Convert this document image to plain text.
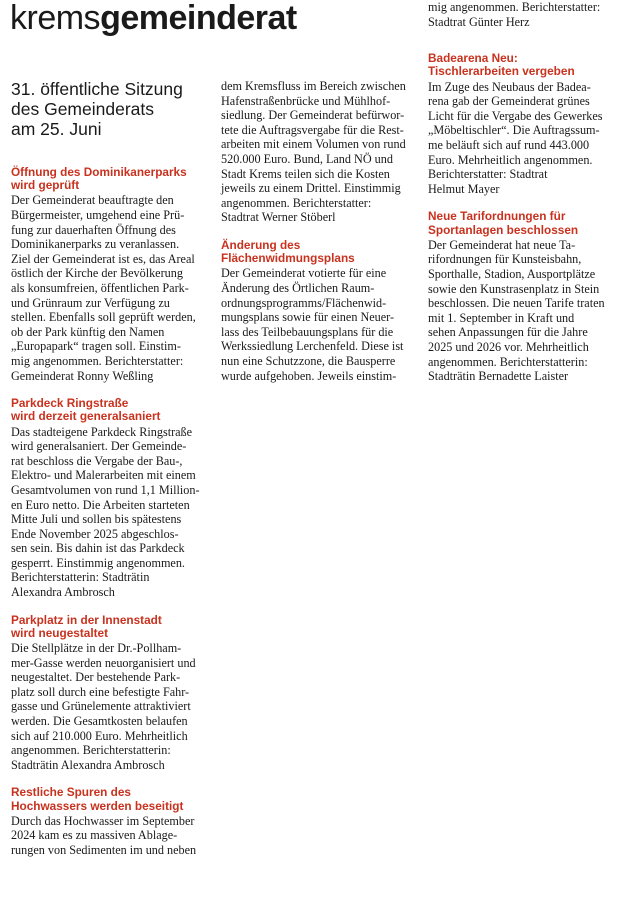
kremsgemeinderat
31. öffentliche Sitzung
des Gemeinderats
am 25. Juni
Öffnung des Dominikanerparks
wird geprüft

Der Gemeinderat beauftragte den
Bürgermeister, umgehend eine Prü-
fung zur dauerhaften Öffnung des
Dominikanerparks zu veranlassen.
Ziel der Gemeinderat ist es, das Areal
östlich der Kirche der Bevölkerung
als konsumfreien, öffentlichen Park-
und Grünraum zur Verfügung zu
stellen. Ebenfalls soll geprüft werden,
ob der Park künftig den Namen
„Europapark“ tragen soll. Einstim-
mig angenommen. Berichterstatter:
Gemeinderat Ronny Weßling

Parkdeck Ringstraße
wird derzeit generalsaniert

Das stadteigene Parkdeck Ringstraße
wird generalsaniert. Der Gemeinde-
rat beschloss die Vergabe der Bau-,
Elektro- und Malerarbeiten mit einem
Gesamtvolumen von rund 1,1 Million-
en Euro netto. Die Arbeiten starteten
Mitte Juli und sollen bis spätestens
Ende November 2025 abgeschlos-
sen sein. Bis dahin ist das Parkdeck
gesperrt. Einstimmig angenommen.
Berichterstatterin: Stadträtin
Alexandra Ambrosch

Parkplatz in der Innenstadt
wird neugestaltet

Die Stellplätze in der Dr.-Pollham-
mer-Gasse werden neuorganisiert und
neugestaltet. Der bestehende Park-
platz soll durch eine befestigte Fahr-
gasse und Grünelemente attraktiviert
werden. Die Gesamtkosten belaufen
sich auf 210.000 Euro. Mehrheitlich
angenommen. Berichterstatterin:
Stadträtin Alexandra Ambrosch

Restliche Spuren des
Hochwassers werden beseitigt

Durch das Hochwasser im September
2024 kam es zu massiven Ablage-
rungen von Sedimenten im und neben

dem Kremsfluss im Bereich zwischen
Hafenstraßenbrücke und Mühlhof-
siedlung. Der Gemeinderat befürwor-
tete die Auftragsvergabe für die Rest-
arbeiten mit einem Volumen von rund
520.000 Euro. Bund, Land NÖ und
Stadt Krems teilen sich die Kosten
jeweils zu einem Drittel. Einstimmig
angenommen. Berichterstatter:
Stadtrat Werner Stöberl

Änderung des
Flächenwidmungsplans

Der Gemeinderat votierte für eine
Änderung des Örtlichen Raum-
ordnungsprogramms/Flächenwid-
mungsplans sowie für einen Neuer-
lass des Teilbebauungsplans für die
Werkssiedlung Lerchenfeld. Diese ist
nun eine Schutzzone, die Bausperre
wurde aufgehoben. Jeweils einstim-

mig angenommen. Berichterstatter:
Stadtrat Günter Herz

Badearena Neu:
Tischlerarbeiten vergeben

Im Zuge des Neubaus der Badea-
rena gab der Gemeinderat grünes
Licht für die Vergabe des Gewerkes
„Möbeltischler“. Die Auftragssum-
me beläuft sich auf rund 443.000
Euro. Mehrheitlich angenommen.
Berichterstatter: Stadtrat
Helmut Mayer

Neue Tarifordnungen für
Sportanlagen beschlossen

Der Gemeinderat hat neue Ta-
rifordnungen für Kunsteisbahn,
Sporthalle, Stadion, Ausportplätze
sowie den Kunstrasenplatz in Stein
beschlossen. Die neuen Tarife traten
mit 1. September in Kraft und
sehen Anpassungen für die Jahre
2025 und 2026 vor. Mehrheitlich
angenommen. Berichterstatterin:
Stadträtin Bernadette Laister
